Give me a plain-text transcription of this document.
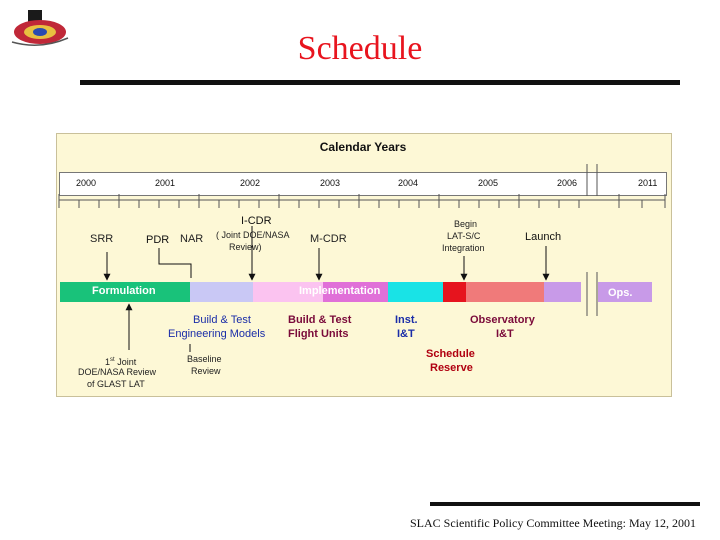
Schedule
Calendar Years
2000	2001	2002	2003	2004	2005	2006	2011
SRR	PDR NAR
I-CDR
( Joint DOE/NASA
Review)
M-CDR
Begin
LAT-S/C
Integration
Launch
Formulation	Implementation	Ops.
Build & Test
Engineering Models
Build & Test
Flight Units
Inst.
I&T
Observatory
I&T
Schedule
Reserve
Baseline
Review
1st Joint
DOE/NASA Review
of GLAST LAT
SLAC Scientific Policy Committee Meeting: May 12, 2001
